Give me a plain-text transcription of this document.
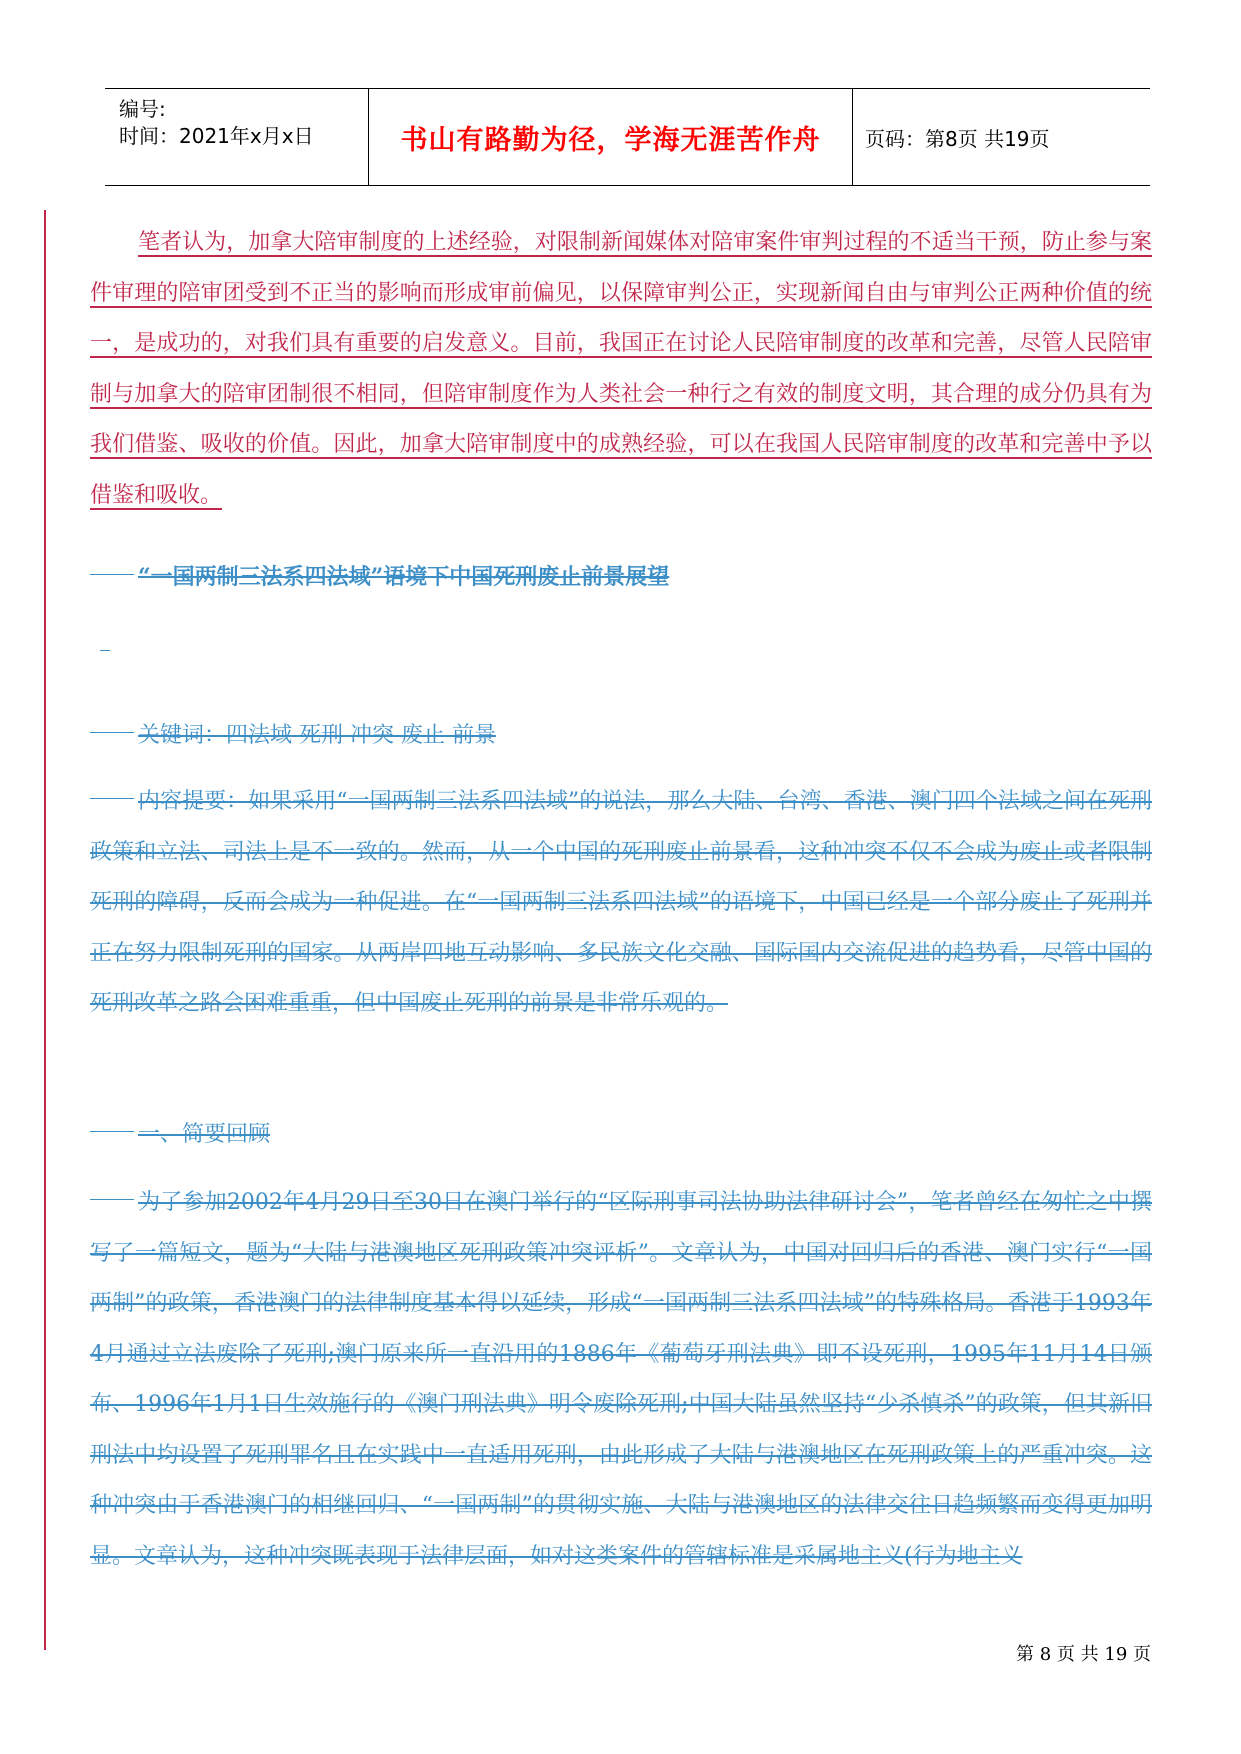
编号:
时间：2021年x月x日	书山有路勤为径，学海无涯苦作舟 页码：第8页 共19页
笔者认为，加拿大陪审制度的上述经验，对限制新闻媒体对陪审案件审判过程的不适当干预，防止参与案件审理的陪审团受到不正当的影响而形成审前偏见，以保障审判公正，实现新闻自由与审判公正两种价值的统一，是成功的，对我们具有重要的启发意义。目前，我国正在讨论人民陪审制度的改革和完善，尽管人民陪审制与加拿大的陪审团制很不相同，但陪审制度作为人类社会一种行之有效的制度文明，其合理的成分仍具有为我们借鉴、吸收的价值。因此，加拿大陪审制度中的成熟经验，可以在我国人民陪审制度的改革和完善中予以借鉴和吸收。
“一国两制三法系四法域”语境下中国死刑废止前景展望
关键词：四法域 死刑 冲突 废止 前景
内容提要：如果采用“一国两制三法系四法域”的说法，那么大陆、台湾、香港、澳门四个法域之间在死刑政策和立法、司法上是不一致的。然而，从一个中国的死刑废止前景看，这种冲突不仅不会成为废止或者限制死刑的障碍，反而会成为一种促进。在“一国两制三法系四法域”的语境下，中国已经是一个部分废止了死刑并正在努力限制死刑的国家。从两岸四地互动影响、多民族文化交融、国际国内交流促进的趋势看，尽管中国的死刑改革之路会困难重重，但中国废止死刑的前景是非常乐观的。
一、简要回顾
为了参加2002年4月29日至30日在澳门举行的“区际刑事司法协助法律研讨会”，笔者曾经在匆忙之中撰写了一篇短文，题为“大陆与港澳地区死刑政策冲突评析”。文章认为，中国对回归后的香港、澳门实行“一国两制”的政策，香港澳门的法律制度基本得以延续，形成“一国两制三法系四法域”的特殊格局。香港于1993年4月通过立法废除了死刑;澳门原来所一直沿用的1886年《葡萄牙刑法典》即不设死刑，1995年11月14日颁布、1996年1月1日生效施行的《澳门刑法典》明令废除死刑;中国大陆虽然坚持“少杀慎杀”的政策，但其新旧刑法中均设置了死刑罪名且在实践中一直适用死刑，由此形成了大陆与港澳地区在死刑政策上的严重冲突。这种冲突由于香港澳门的相继回归、“一国两制”的贯彻实施、大陆与港澳地区的法律交往日趋频繁而变得更加明显。文章认为，这种冲突既表现于法律层面，如对这类案件的管辖标准是采属地主义(行为地主义
第 8 页 共 19 页
